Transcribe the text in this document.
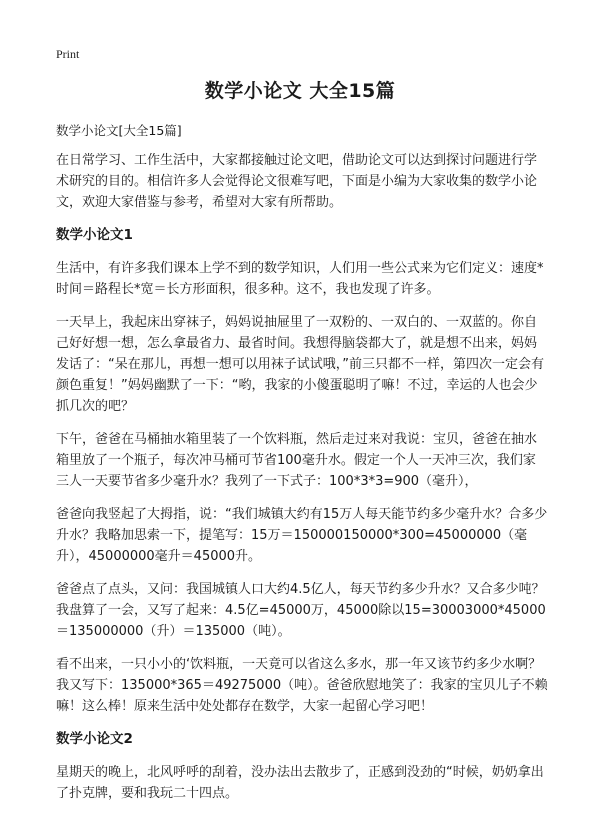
Print
数学小论文 大全15篇
数学小论文[大全15篇]

在日常学习、工作生活中，大家都接触过论文吧，借助论文可以达到探讨问题进行学术研究的目的。相信许多人会觉得论文很难写吧，下面是小编为大家收集的数学小论文，欢迎大家借鉴与参考，希望对大家有所帮助。

数学小论文1

生活中，有许多我们课本上学不到的数学知识，人们用一些公式来为它们定义：速度*时间＝路程长*宽＝长方形面积，很多种。这不，我也发现了许多。

一天早上，我起床出穿袜子，妈妈说抽屉里了一双粉的、一双白的、一双蓝的。你自己好好想一想，怎么拿最省力、最省时间。我想得脑袋都大了，就是想不出来，妈妈发话了：“呆在那儿，再想一想可以用袜子试试哦，”前三只都不一样，第四次一定会有颜色重复！”妈妈幽默了一下：“哟，我家的小傻蛋聪明了嘛！不过，幸运的人也会少抓几次的吧？

下午，爸爸在马桶抽水箱里装了一个饮料瓶，然后走过来对我说：宝贝，爸爸在抽水箱里放了一个瓶子，每次冲马桶可节省100毫升水。假定一个人一天冲三次，我们家三人一天要节省多少毫升水？我列了一下式子：100*3*3=900（毫升），

爸爸向我竖起了大拇指，说：“我们城镇大约有15万人每天能节约多少毫升水？合多少升水？我略加思索一下，提笔写：15万＝150000150000*300=45000000（毫升），45000000毫升＝45000升。

爸爸点了点头，又问：我国城镇人口大约4.5亿人，每天节约多少升水？又合多少吨？我盘算了一会，又写了起来：4.5亿=45000万，45000除以15=30003000*45000＝135000000（升）＝135000（吨）。

看不出来，一只小小的‘饮料瓶，一天竟可以省这么多水，那一年又该节约多少水啊？我又写下：135000*365＝49275000（吨）。爸爸欣慰地笑了：我家的宝贝儿子不赖嘛！这么棒！原来生活中处处都存在数学，大家一起留心学习吧！

数学小论文2

星期天的晚上，北风呼呼的刮着，没办法出去散步了，正感到没劲的“时候，奶奶拿出了扑克牌，要和我玩二十四点。
